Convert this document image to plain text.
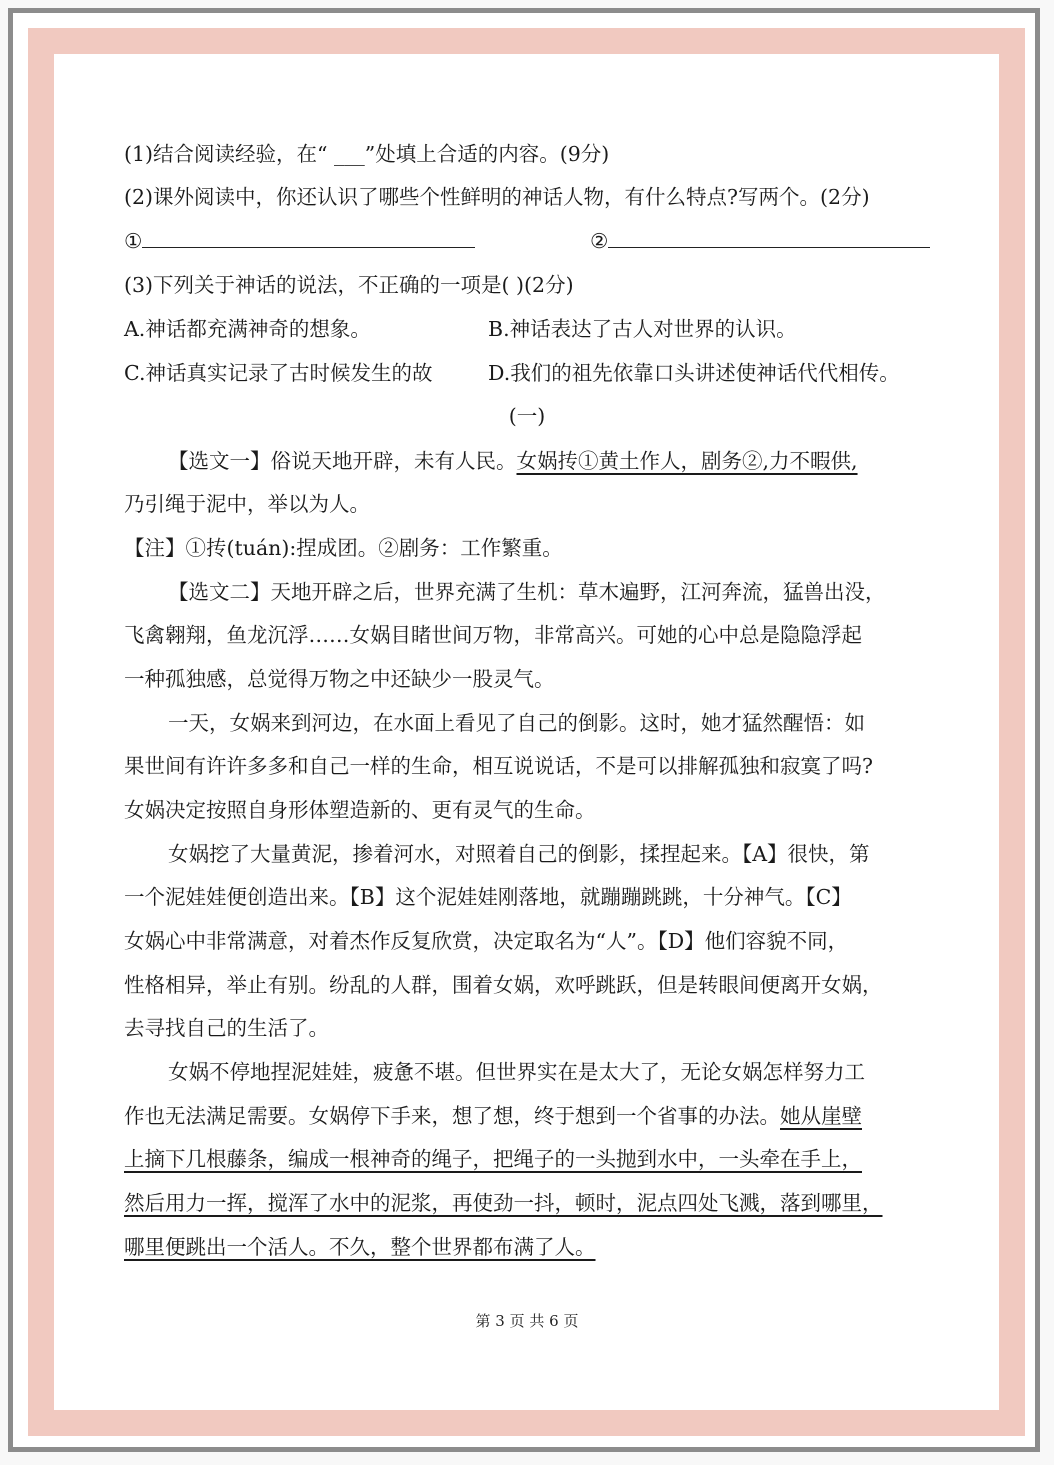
(1)结合阅读经验，在“ ___”处填上合适的内容。(9分)
(2)课外阅读中，你还认识了哪些个性鲜明的神话人物，有什么特点?写两个。(2分)
①	②
(3)下列关于神话的说法，不正确的一项是( )(2分)
A.神话都充满神奇的想象。	B.神话表达了古人对世界的认识。
C.神话真实记录了古时候发生的故	D.我们的祖先依靠口头讲述使神话代代相传。
(一)
【选文一】俗说天地开辟，未有人民。女娲抟①黄土作人，剧务②,力不暇供,
乃引绳于泥中，举以为人。
【注】①抟(tuán):捏成团。②剧务：工作繁重。
【选文二】天地开辟之后，世界充满了生机：草木遍野，江河奔流，猛兽出没，
飞禽翱翔，鱼龙沉浮……女娲目睹世间万物，非常高兴。可她的心中总是隐隐浮起
一种孤独感，总觉得万物之中还缺少一股灵气。
一天，女娲来到河边，在水面上看见了自己的倒影。这时，她才猛然醒悟：如
果世间有许许多多和自己一样的生命，相互说说话，不是可以排解孤独和寂寞了吗?
女娲决定按照自身形体塑造新的、更有灵气的生命。
女娲挖了大量黄泥，掺着河水，对照着自己的倒影，揉捏起来。【A】很快，第
一个泥娃娃便创造出来。【B】这个泥娃娃刚落地，就蹦蹦跳跳，十分神气。【C】
女娲心中非常满意，对着杰作反复欣赏，决定取名为“人”。【D】他们容貌不同，
性格相异，举止有别。纷乱的人群，围着女娲，欢呼跳跃，但是转眼间便离开女娲，
去寻找自己的生活了。
女娲不停地捏泥娃娃，疲惫不堪。但世界实在是太大了，无论女娲怎样努力工
作也无法满足需要。女娲停下手来，想了想，终于想到一个省事的办法。她从崖壁
上摘下几根藤条，编成一根神奇的绳子，把绳子的一头抛到水中，一头牵在手上，
然后用力一挥，搅浑了水中的泥浆，再使劲一抖，顿时，泥点四处飞溅，落到哪里，
哪里便跳出一个活人。不久，整个世界都布满了人。
第 3 页 共 6 页
